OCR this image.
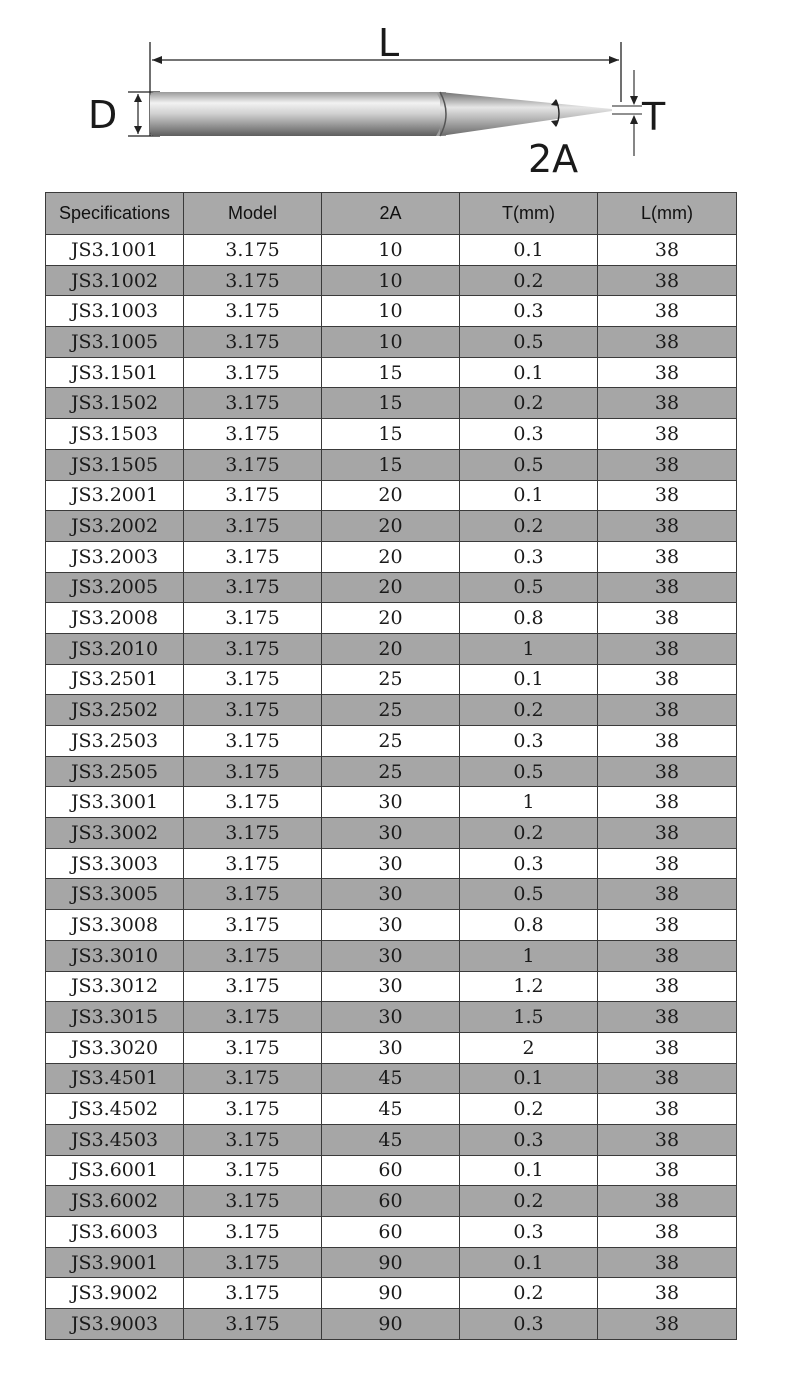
L
D	T
2A
Specifications	Model	2A	T(mm)	L(mm)
JS3.1001	3.175	10	0.1	38
JS3.1002	3.175	10	0.2	38
JS3.1003	3.175	10	0.3	38
JS3.1005	3.175	10	0.5	38
JS3.1501	3.175	15	0.1	38
JS3.1502	3.175	15	0.2	38
JS3.1503	3.175	15	0.3	38
JS3.1505	3.175	15	0.5	38
JS3.2001	3.175	20	0.1	38
JS3.2002	3.175	20	0.2	38
JS3.2003	3.175	20	0.3	38
JS3.2005	3.175	20	0.5	38
JS3.2008	3.175	20	0.8	38
JS3.2010	3.175	20	1	38
JS3.2501	3.175	25	0.1	38
JS3.2502	3.175	25	0.2	38
JS3.2503	3.175	25	0.3	38
JS3.2505	3.175	25	0.5	38
JS3.3001	3.175	30	1	38
JS3.3002	3.175	30	0.2	38
JS3.3003	3.175	30	0.3	38
JS3.3005	3.175	30	0.5	38
JS3.3008	3.175	30	0.8	38
JS3.3010	3.175	30	1	38
JS3.3012	3.175	30	1.2	38
JS3.3015	3.175	30	1.5	38
JS3.3020	3.175	30	2	38
JS3.4501	3.175	45	0.1	38
JS3.4502	3.175	45	0.2	38
JS3.4503	3.175	45	0.3	38
JS3.6001	3.175	60	0.1	38
JS3.6002	3.175	60	0.2	38
JS3.6003	3.175	60	0.3	38
JS3.9001	3.175	90	0.1	38
JS3.9002	3.175	90	0.2	38
JS3.9003	3.175	90	0.3	38
